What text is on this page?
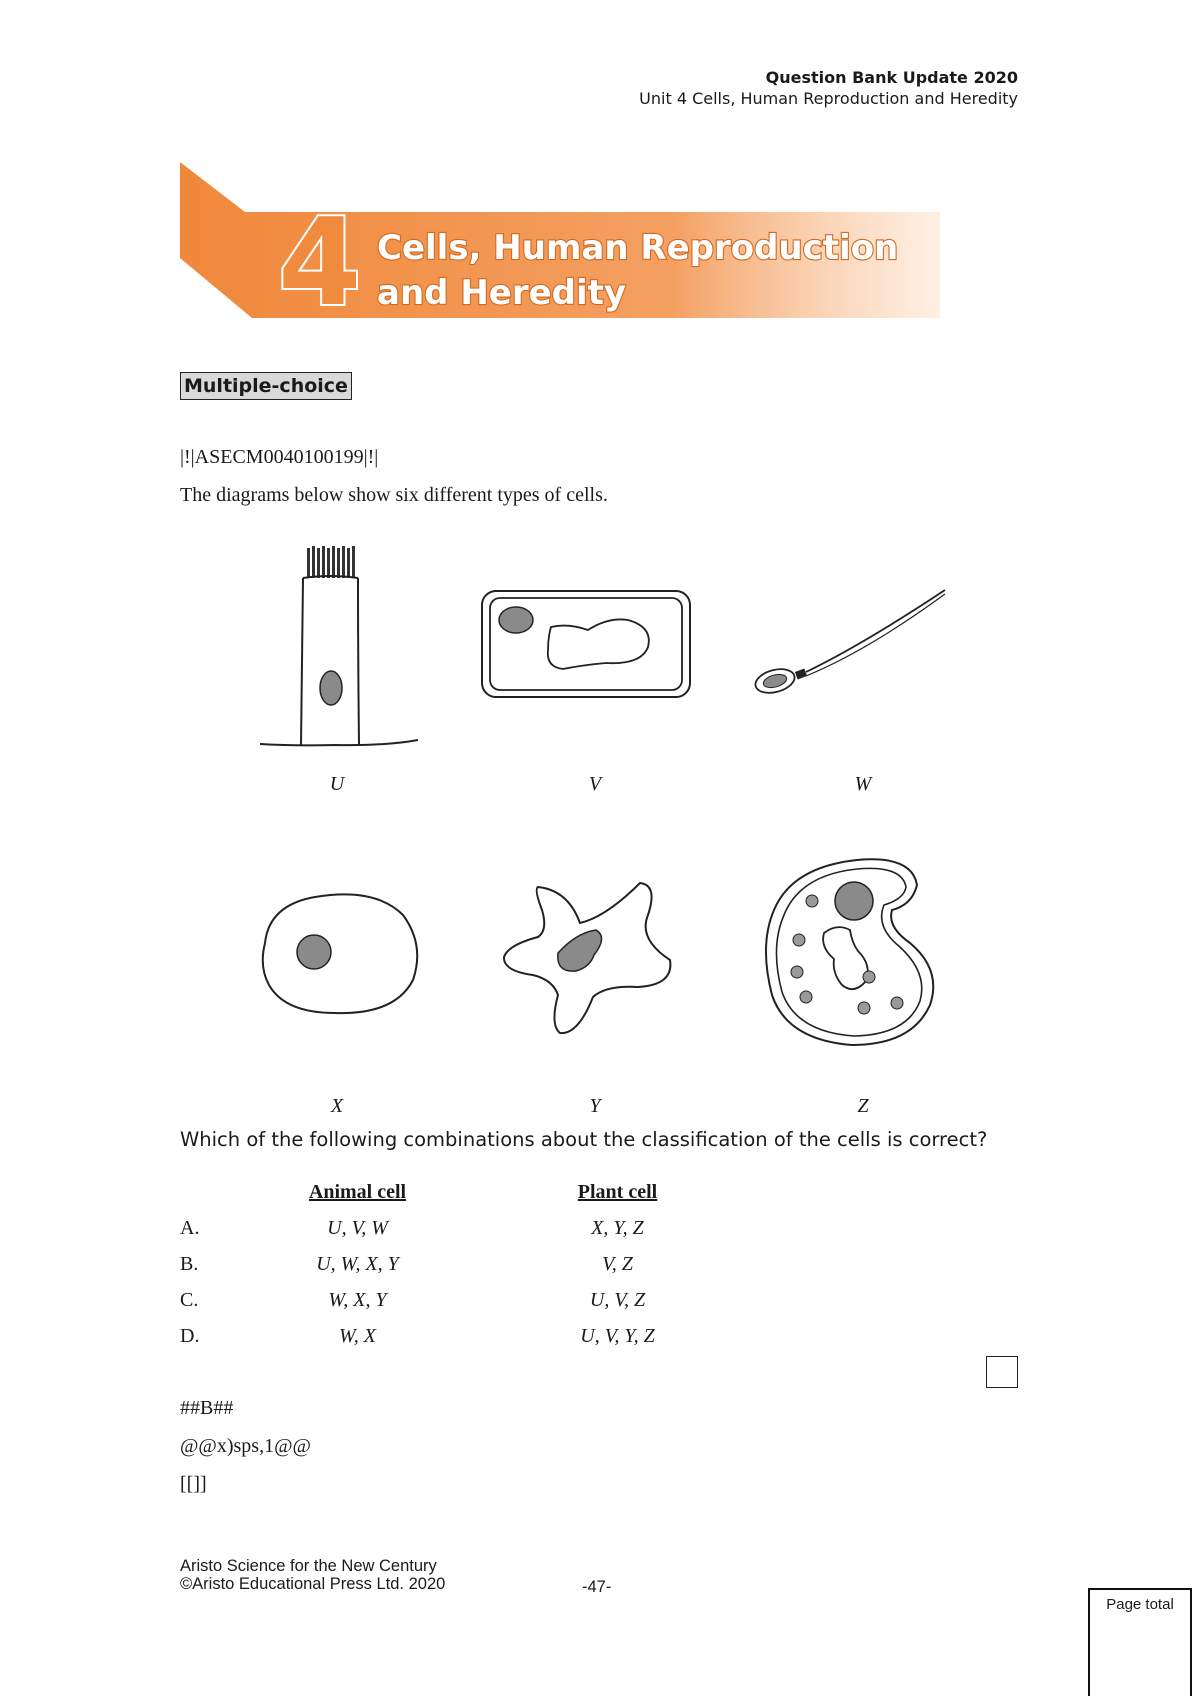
Question Bank Update 2020
Unit 4 Cells, Human Reproduction and Heredity
4 Cells, Human Reproduction
and Heredity
Multiple-choice
|!|ASECM0040100199|!|
The diagrams below show six different types of cells.
U	V	W
X	Y	Z
Which of the following combinations about the classification of the cells is correct?
Animal cell	Plant cell
A.	U, V, W	X, Y, Z
B.	U, W, X, Y	V, Z
C.	W, X, Y	U, V, Z
D.	W, X	U, V, Y, Z
##B##
@@x)sps,1@@
[[]]
Aristo Science for the New Century
©Aristo Educational Press Ltd. 2020	-47-
Page total
